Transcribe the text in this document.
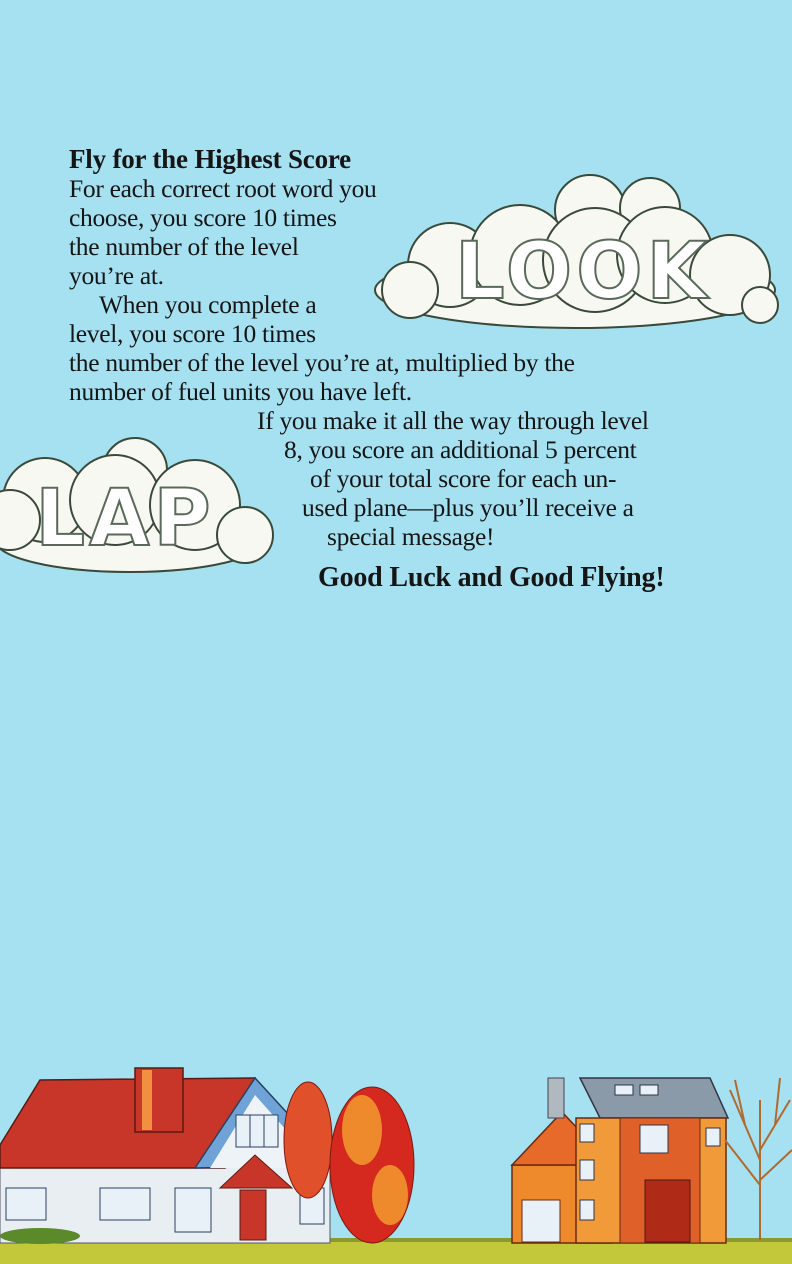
LOOK
LAP
Fly for the Highest Score
For each correct root word you
choose, you score 10 times
the number of the level
you’re at.
When you complete a
level, you score 10 times
the number of the level you’re at, multiplied by the
number of fuel units you have left.
If you make it all the way through level
8, you score an additional 5 percent
of your total score for each un-
used plane—plus you’ll receive a
special message!
Good Luck and Good Flying!
